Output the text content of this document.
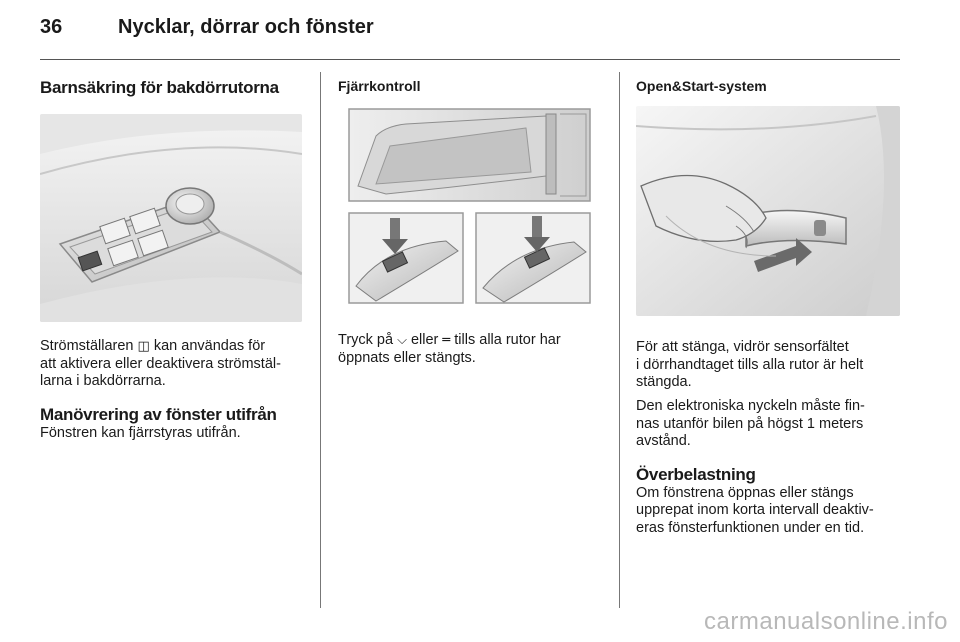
36	Nycklar, dörrar och fönster
Barnsäkring för bakdörrutorna

Strömställaren ◫ kan användas för
att aktivera eller deaktivera strömstäl-
larna i bakdörrarna.

Manövrering av fönster utifrån

Fönstren kan fjärrstyras utifrån.

Fjärrkontroll

Tryck på ⌵ eller ═ tills alla rutor har
öppnats eller stängts.

Open&Start-system

För att stänga, vidrör sensorfältet
i dörrhandtaget tills alla rutor är helt
stängda.

Den elektroniska nyckeln måste fin-
nas utanför bilen på högst 1 meters
avstånd.

Överbelastning

Om fönstrena öppnas eller stängs
upprepat inom korta intervall deaktiv-
eras fönsterfunktionen under en tid.

carmanualsonline.info
